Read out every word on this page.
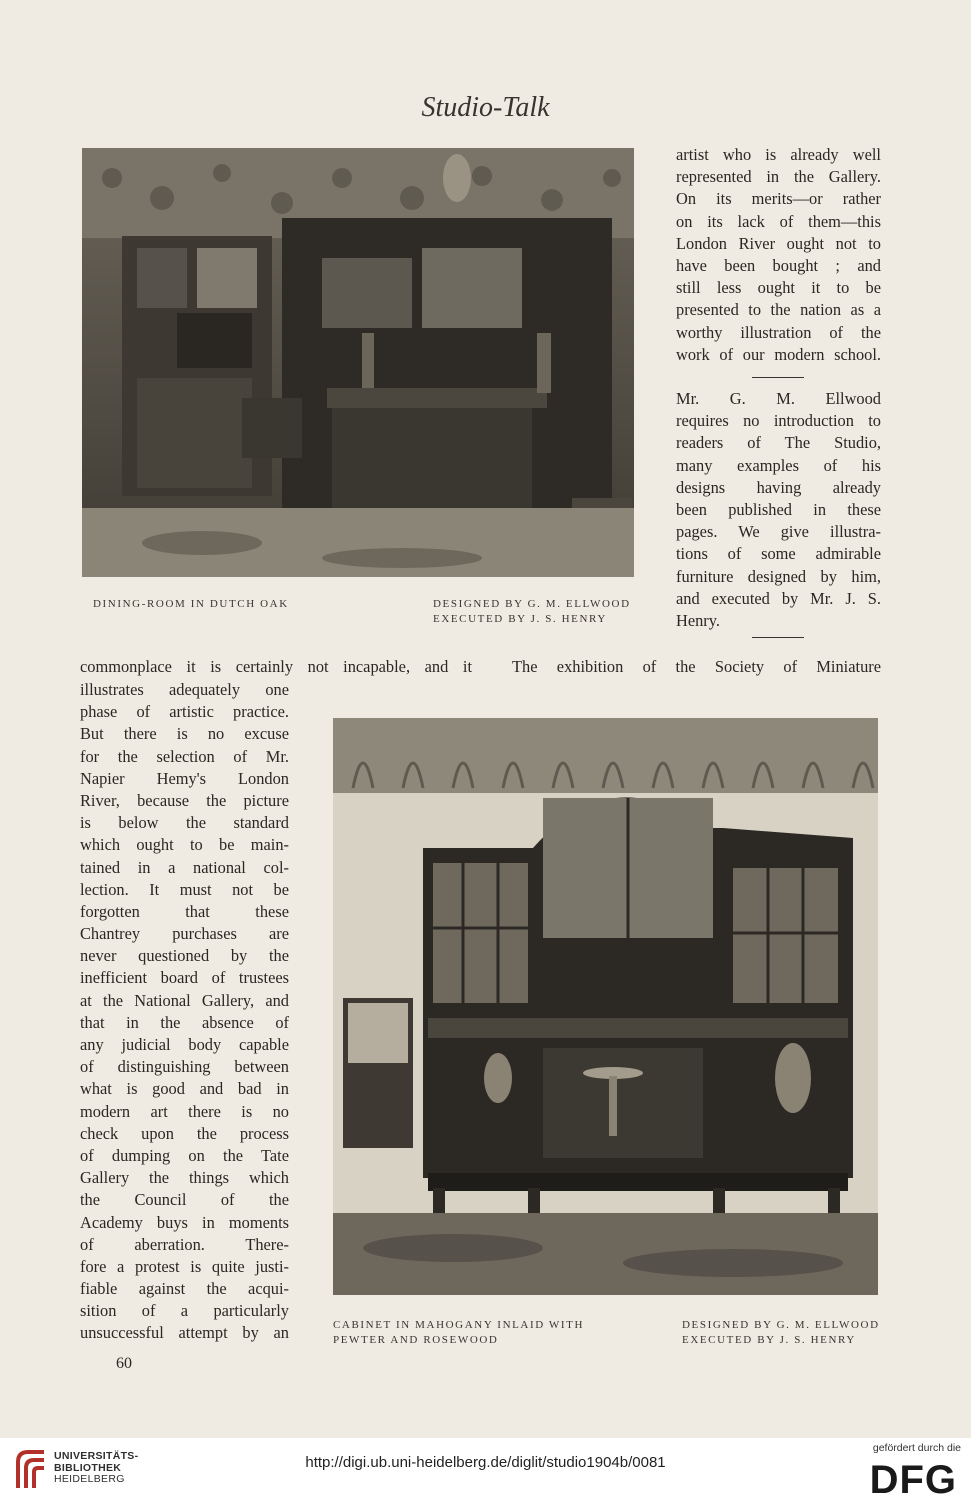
Studio-Talk
DINING-ROOM IN DUTCH OAK	DESIGNED BY G. M. ELLWOOD
EXECUTED BY J. S. HENRY
artist who is already well
represented in the Gallery.
On its merits—or rather
on its lack of them—this
London River ought not to
have been bought ; and
still less ought it to be
presented to the nation as a
worthy illustration of the
work of our modern school.
Mr. G. M. Ellwood
requires no introduction to
readers of The Studio,
many examples of his
designs having already
been published in these
pages. We give illustra-
tions of some admirable
furniture designed by him,
and executed by Mr. J. S.
Henry.
commonplace it is certainly not incapable, and it The exhibition of the Society of Miniature
illustrates adequately one
phase of artistic practice.
But there is no excuse
for the selection of Mr.
Napier Hemy's London
River, because the picture
is below the standard
which ought to be main-
tained in a national col-
lection. It must not be
forgotten that these
Chantrey purchases are
never questioned by the
inefficient board of trustees
at the National Gallery, and
that in the absence of
any judicial body capable
of distinguishing between
what is good and bad in
modern art there is no
check upon the process
of dumping on the Tate
Gallery the things which
the Council of the
Academy buys in moments
of aberration. There-
fore a protest is quite justi-
fiable against the acqui-
sition of a particularly
unsuccessful attempt by an	CABINET IN MAHOGANY INLAID WITH
PEWTER AND ROSEWOOD
DESIGNED BY G. M. ELLWOOD
EXECUTED BY J. S. HENRY
60
UNIVERSITÄTS-
BIBLIOTHEK
HEIDELBERG
http://digi.ub.uni-heidelberg.de/diglit/studio1904b/0081
gefördert durch die
DFG
